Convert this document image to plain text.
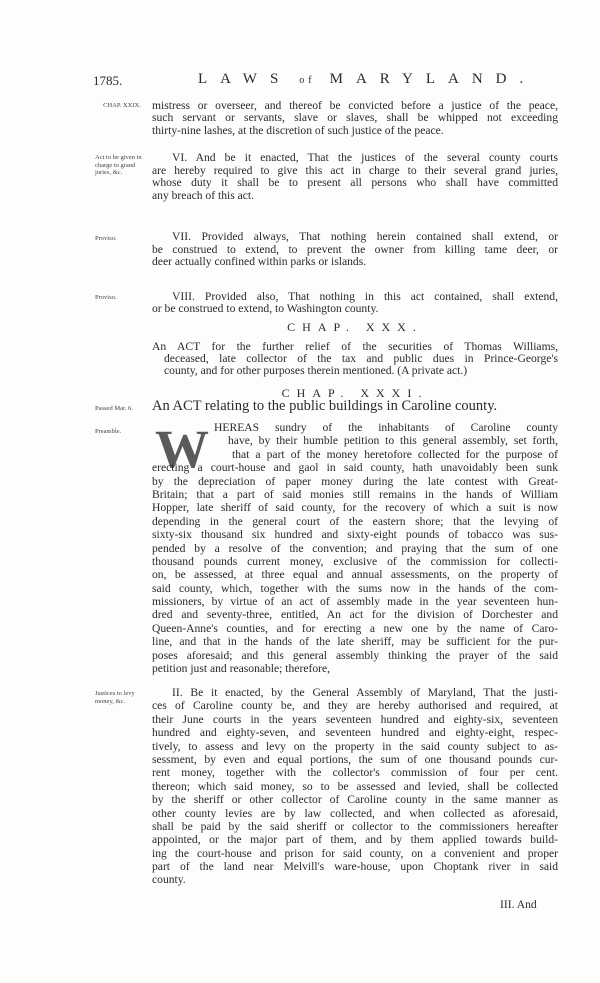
1785.	LAWS of MARYLAND.
CHAP. XXIX.
Act to be given in charge to grand juries, &c.
Proviso.
Proviso.
Passed Mar. 6.
Preamble.
Justices to levy money, &c.
CHAP. XXX.
CHAP. XXXI.
W
III. And
mistress or overseer, and thereof be convicted before a justice of the peace,
such servant or servants, slave or slaves, shall be whipped not exceeding
thirty-nine lashes, at the discretion of such justice of the peace.
VI. And be it enacted, That the justices of the several county courts
are hereby required to give this act in charge to their several grand juries,
whose duty it shall be to present all persons who shall have committed
any breach of this act.
VII. Provided always, That nothing herein contained shall extend, or
be construed to extend, to prevent the owner from killing tame deer, or
deer actually confined within parks or islands.
VIII. Provided also, That nothing in this act contained, shall extend,
or be construed to extend, to Washington county.
An ACT for the further relief of the securities of Thomas Williams,
deceased, late collector of the tax and public dues in Prince-George's
county, and for other purposes therein mentioned. (A private act.)
An ACT relating to the public buildings in Caroline county.
HEREAS sundry of the inhabitants of Caroline county
have, by their humble petition to this general assembly, set forth,
that a part of the money heretofore collected for the purpose of
erecting a court-house and gaol in said county, hath unavoidably been sunk
by the depreciation of paper money during the late contest with Great-
Britain; that a part of said monies still remains in the hands of William
Hopper, late sheriff of said county, for the recovery of which a suit is now
depending in the general court of the eastern shore; that the levying of
sixty-six thousand six hundred and sixty-eight pounds of tobacco was sus-
pended by a resolve of the convention; and praying that the sum of one
thousand pounds current money, exclusive of the commission for collecti-
on, be assessed, at three equal and annual assessments, on the property of
said county, which, together with the sums now in the hands of the com-
missioners, by virtue of an act of assembly made in the year seventeen hun-
dred and seventy-three, entitled, An act for the division of Dorchester and
Queen-Anne's counties, and for erecting a new one by the name of Caro-
line, and that in the hands of the late sheriff, may be sufficient for the pur-
poses aforesaid; and this general assembly thinking the prayer of the said
petition just and reasonable; therefore,
II. Be it enacted, by the General Assembly of Maryland, That the justi-
ces of Caroline county be, and they are hereby authorised and required, at
their June courts in the years seventeen hundred and eighty-six, seventeen
hundred and eighty-seven, and seventeen hundred and eighty-eight, respec-
tively, to assess and levy on the property in the said county subject to as-
sessment, by even and equal portions, the sum of one thousand pounds cur-
rent money, together with the collector's commission of four per cent.
thereon; which said money, so to be assessed and levied, shall be collected
by the sheriff or other collector of Caroline county in the same manner as
other county levies are by law collected, and when collected as aforesaid,
shall be paid by the said sheriff or collector to the commissioners hereafter
appointed, or the major part of them, and by them applied towards build-
ing the court-house and prison for said county, on a convenient and proper
part of the land near Melvill's ware-house, upon Choptank river in said
county.
